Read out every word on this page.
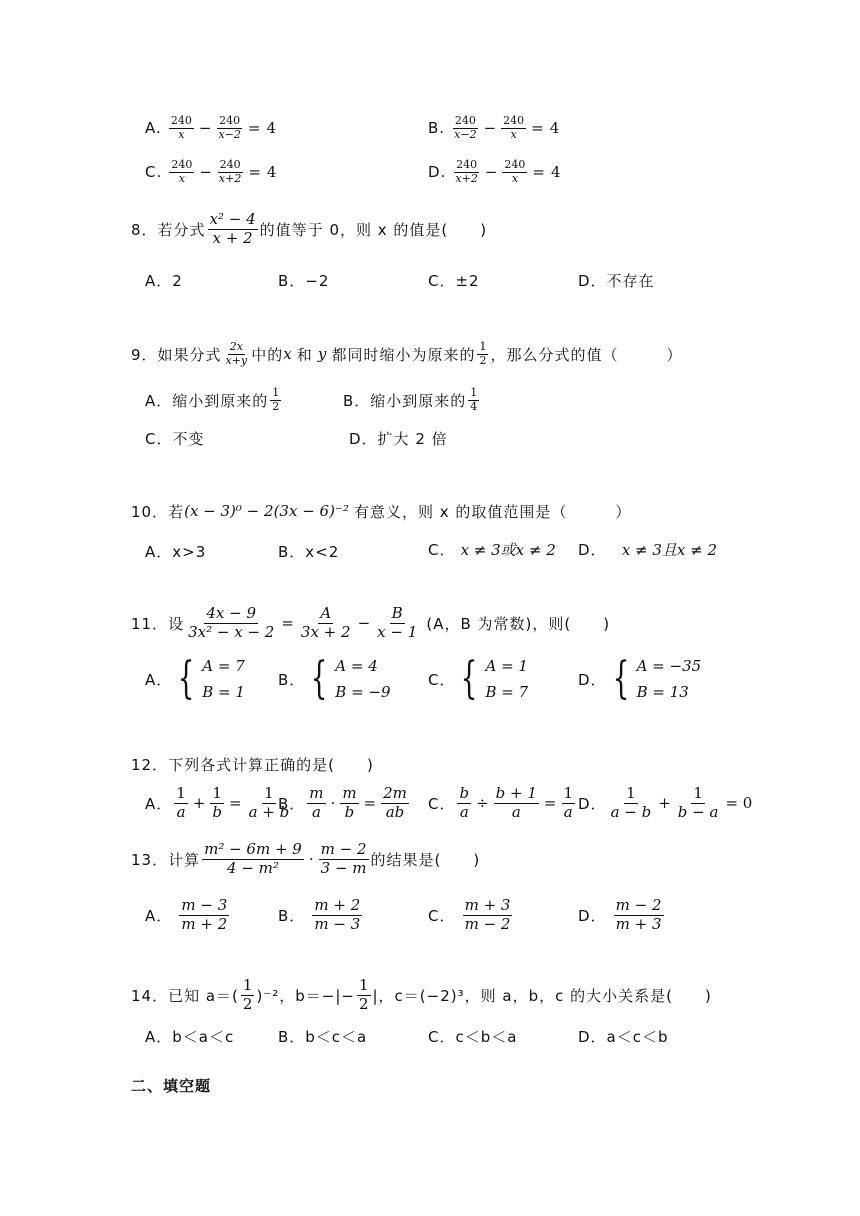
A.
$\frac{240}{x} - \frac{240}{x-2} = 4$	B.
$\frac{240}{x-2} - \frac{240}{x} = 4$
C.
$\frac{240}{x} - \frac{240}{x+2} = 4$	D.
$\frac{240}{x+2} - \frac{240}{x} = 4$
8．若分式 $\frac{\text{x² − 4}}{x + 2}$ 的值等于 0，则 x 的值是(　　)
A．2	B．−2	C．±2	D．不存在
9．如果分式 $\frac{2x}{x+y}$ 中的 x
和
y
都同时缩小为原来的 $\frac{1}{2}$ ，那么分式的值（　　　）
A．缩小到原来的 $\frac{1}{2}$	B．缩小到原来的 $\frac{1}{4}$
C．不变	D．扩大 2 倍
10．若 (x − 3)⁰ − 2(3x − 6)⁻²
有意义，则 x 的取值范围是（　　　）
A．x>3	B．x<2	C． x ≠ 3或x ≠ 2 D． x ≠ 3且x ≠ 2
11．设 $\frac{4x - 9}{\text{3x² − x − 2}} = \frac{A}{3x + 2} - \frac{B}{x - 1}$
(A，B 为常数)，则(　　)
A． { A = 7
B = 1
B． { A = 4
B = −9
C． { A = 1
B = 7
D． { A = −35
B = 13
12．下列各式计算正确的是(　　)
A． $\frac{1}{a} + \frac{1}{b} = \frac{1}{a + b}$
B． $\frac{m}{a} \cdot \frac{m}{b} = \frac{2m}{ab}$ C． $\frac{b}{a} \div \frac{b + 1}{a} = \frac{1}{a}$ D． $\frac{1}{a - b} + \frac{1}{b - a} = 0$
13．计算 $\frac{\text{m² − 6m + 9}}{\text{4 − m²}} \cdot \frac{m - 2}{3 - m}$ 的结果是(　　)
A．
$\frac{m - 3}{m + 2}$	B．
$\frac{m + 2}{m - 3}$	C．
$\frac{m + 3}{m - 2}$	D．
$\frac{m - 2}{m + 3}$
14．已知 $a=( \frac{1}{2} )^{-2}$，$b=-|- \frac{1}{2}$ |，c＝(−2)³，则 a，b，c 的大小关系是(　　)
A．b＜a＜c	B．b＜c＜a	C．c＜b＜a	D．a＜c＜b
二、填空题
